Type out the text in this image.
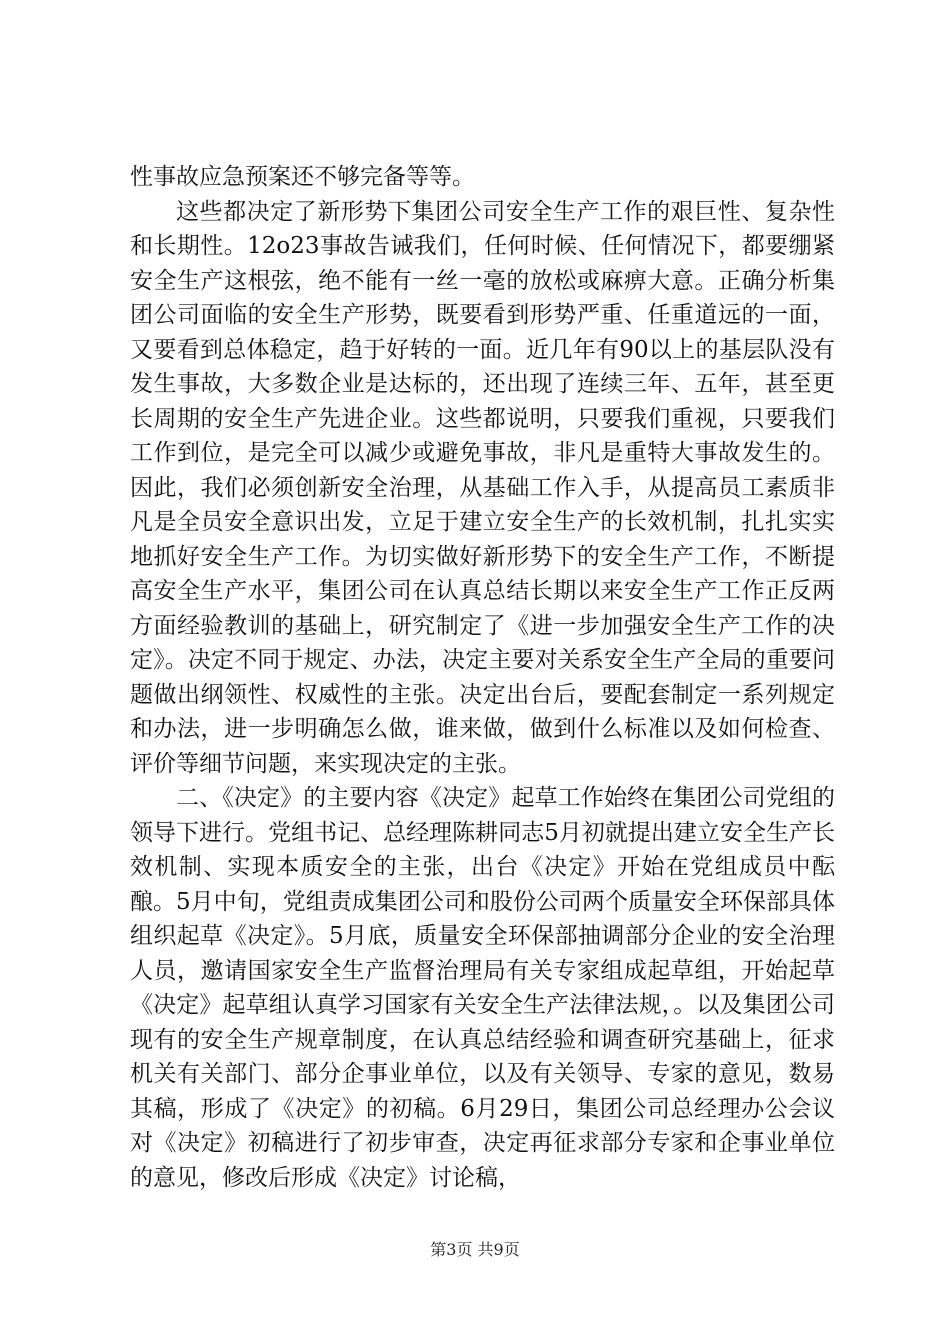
性事故应急预案还不够完备等等。

这些都决定了新形势下集团公司安全生产工作的艰巨性、复杂性和长期性。12o23事故告诫我们，任何时候、任何情况下，都要绷紧安全生产这根弦，绝不能有一丝一毫的放松或麻痹大意。正确分析集团公司面临的安全生产形势，既要看到形势严重、任重道远的一面，又要看到总体稳定，趋于好转的一面。近几年有90以上的基层队没有发生事故，大多数企业是达标的，还出现了连续三年、五年，甚至更长周期的安全生产先进企业。这些都说明，只要我们重视，只要我们工作到位，是完全可以减少或避免事故，非凡是重特大事故发生的。因此，我们必须创新安全治理，从基础工作入手，从提高员工素质非凡是全员安全意识出发，立足于建立安全生产的长效机制，扎扎实实地抓好安全生产工作。为切实做好新形势下的安全生产工作，不断提高安全生产水平，集团公司在认真总结长期以来安全生产工作正反两方面经验教训的基础上，研究制定了《进一步加强安全生产工作的决定》。决定不同于规定、办法，决定主要对关系安全生产全局的重要问题做出纲领性、权威性的主张。决定出台后，要配套制定一系列规定和办法，进一步明确怎么做，谁来做，做到什么标准以及如何检查、评价等细节问题，来实现决定的主张。

二、《决定》的主要内容《决定》起草工作始终在集团公司党组的领导下进行。党组书记、总经理陈耕同志5月初就提出建立安全生产长效机制、实现本质安全的主张，出台《决定》开始在党组成员中酝酿。5月中旬，党组责成集团公司和股份公司两个质量安全环保部具体组织起草《决定》。5月底，质量安全环保部抽调部分企业的安全治理人员，邀请国家安全生产监督治理局有关专家组成起草组，开始起草《决定》起草组认真学习国家有关安全生产法律法规，。以及集团公司现有的安全生产规章制度，在认真总结经验和调查研究基础上，征求机关有关部门、部分企事业单位，以及有关领导、专家的意见，数易其稿，形成了《决定》的初稿。6月29日，集团公司总经理办公会议对《决定》初稿进行了初步审查，决定再征求部分专家和企事业单位的意见，修改后形成《决定》讨论稿，

第3页 共9页
